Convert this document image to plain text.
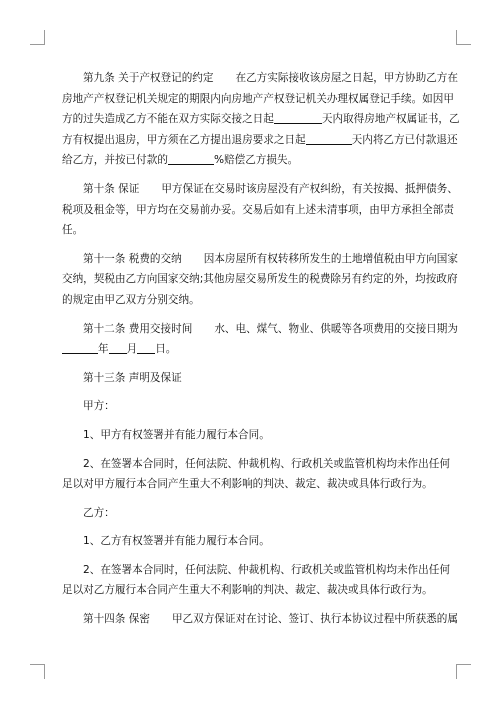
第九条 关于产权登记的约定 在乙方实际接收该房屋之日起，甲方协助乙方在
房地产产权登记机关规定的期限内向房地产产权登记机关办理权属登记手续。如因甲
方的过失造成乙方不能在双方实际交接之日起	天内取得房地产权属证书，乙
方有权提出退房，甲方须在乙方提出退房要求之日起	天内将乙方已付款退还
给乙方，并按已付款的	%赔偿乙方损失。
第十条 保证 甲方保证在交易时该房屋没有产权纠纷，有关按揭、抵押债务、
税项及租金等，甲方均在交易前办妥。交易后如有上述未清事项，由甲方承担全部责
任。
第十一条 税费的交纳 因本房屋所有权转移所发生的土地增值税由甲方向国家
交纳，契税由乙方向国家交纳;其他房屋交易所发生的税费除另有约定的外，均按政府
的规定由甲乙双方分别交纳。
第十二条 费用交接时间 水、电、煤气、物业、供暖等各项费用的交接日期为
年 月 日。
第十三条 声明及保证
甲方：
1、甲方有权签署并有能力履行本合同。
2、在签署本合同时，任何法院、仲裁机构、行政机关或监管机构均未作出任何
足以对甲方履行本合同产生重大不利影响的判决、裁定、裁决或具体行政行为。
乙方：
1、乙方有权签署并有能力履行本合同。
2、在签署本合同时，任何法院、仲裁机构、行政机关或监管机构均未作出任何
足以对乙方履行本合同产生重大不利影响的判决、裁定、裁决或具体行政行为。
第十四条 保密 甲乙双方保证对在讨论、签订、执行本协议过程中所获悉的属
